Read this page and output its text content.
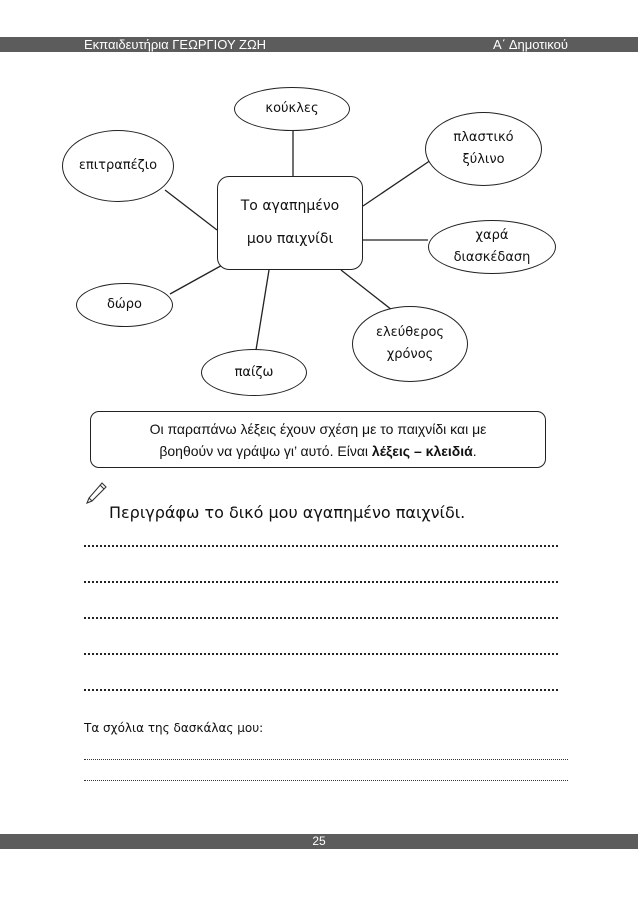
Εκπαιδευτήρια ΓΕΩΡΓΙΟΥ ΖΩΗ	Α΄ Δημοτικού
κούκλες
επιτραπέζιο
πλαστικό
ξύλινο
Το αγαπημένο
μου παιχνίδι	χαρά
διασκέδαση
δώρο
ελεύθερος
χρόνος
παίζω
Οι παραπάνω λέξεις έχουν σχέση με το παιχνίδι και με
βοηθούν να γράψω γι’ αυτό. Είναι λέξεις – κλειδιά.
Περιγράφω το δικό μου αγαπημένο παιχνίδι.
Τα σχόλια της δασκάλας μου:
25
